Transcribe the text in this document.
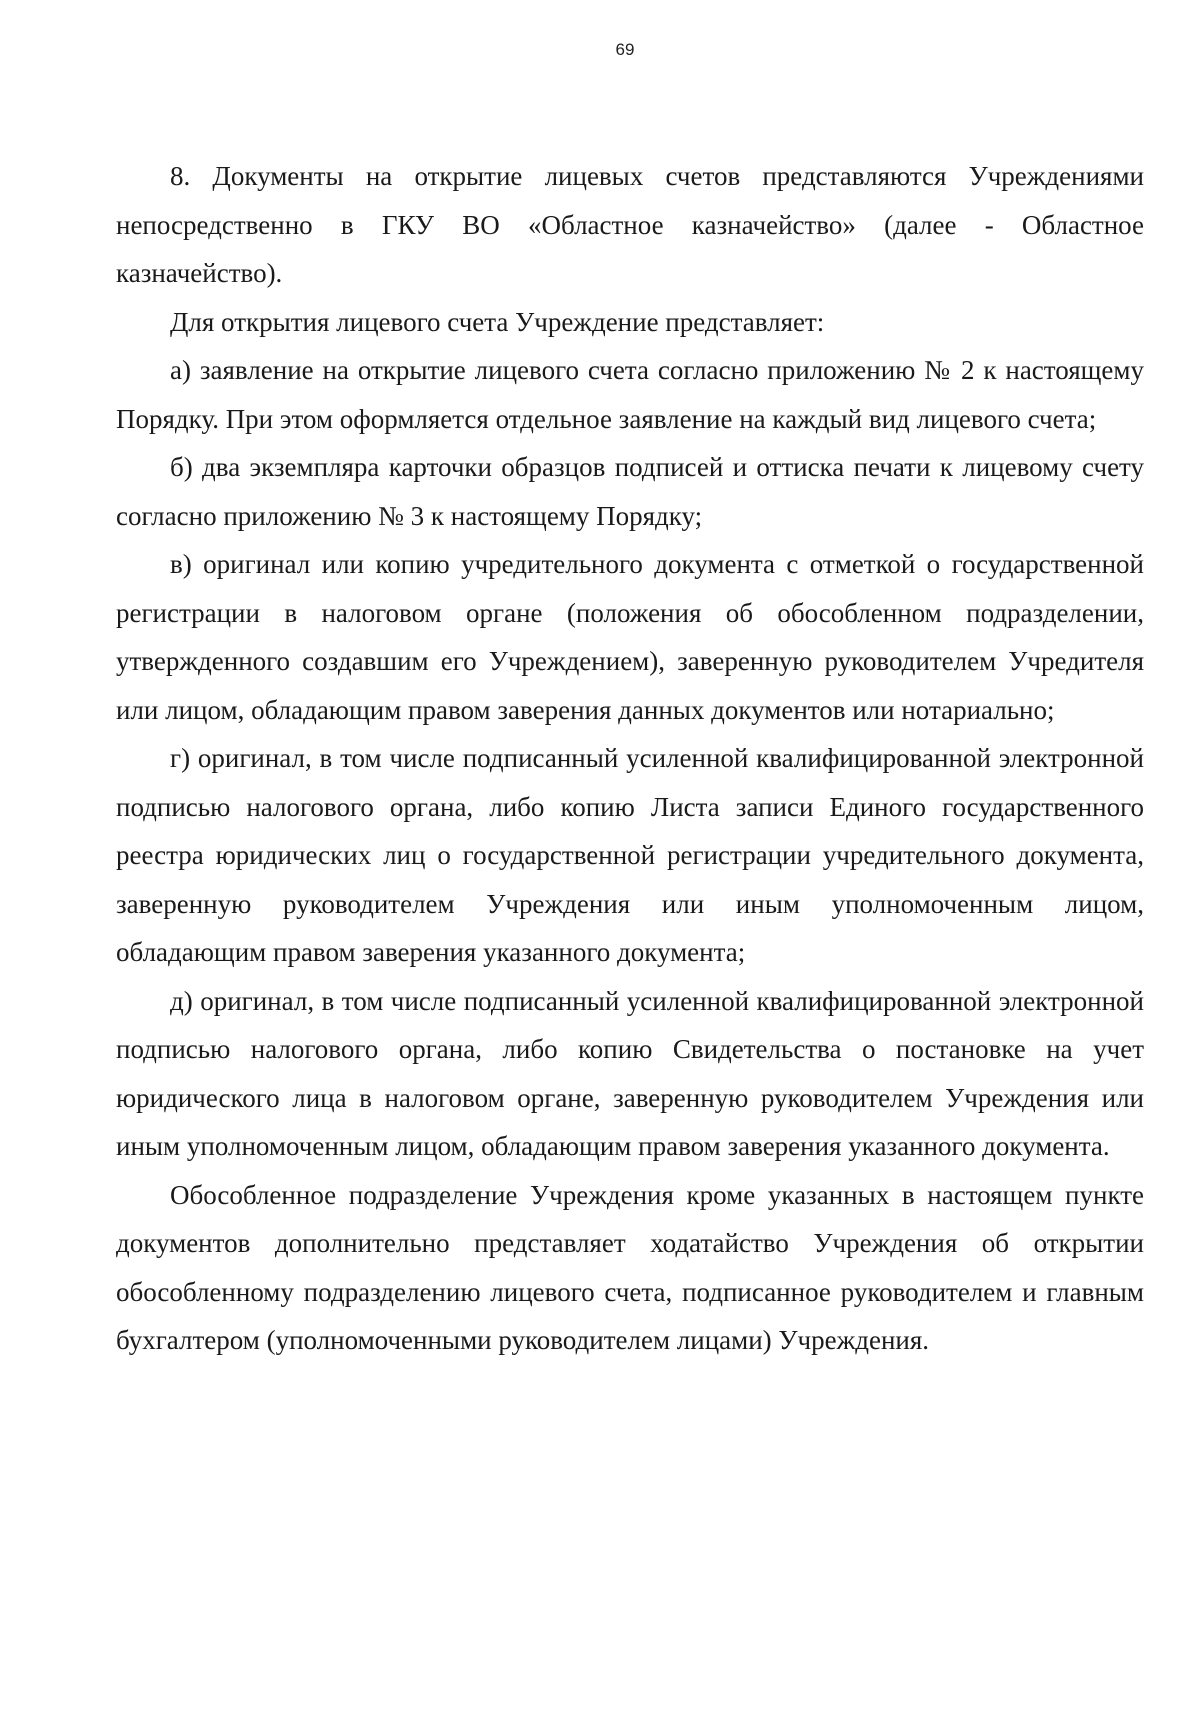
69

8. Документы на открытие лицевых счетов представляются Учреждениями непосредственно в ГКУ ВО «Областное казначейство» (далее - Областное казначейство).

Для открытия лицевого счета Учреждение представляет:

а) заявление на открытие лицевого счета согласно приложению № 2 к настоящему Порядку. При этом оформляется отдельное заявление на каждый вид лицевого счета;

б) два экземпляра карточки образцов подписей и оттиска печати к лицевому счету согласно приложению № 3 к настоящему Порядку;

в) оригинал или копию учредительного документа с отметкой о государственной регистрации в налоговом органе (положения об обособленном подразделении, утвержденного создавшим его Учреждением), заверенную руководителем Учредителя или лицом, обладающим правом заверения данных документов или нотариально;

г) оригинал, в том числе подписанный усиленной квалифицированной электронной подписью налогового органа, либо копию Листа записи Единого государственного реестра юридических лиц о государственной регистрации учредительного документа, заверенную руководителем Учреждения или иным уполномоченным лицом, обладающим правом заверения указанного документа;

д) оригинал, в том числе подписанный усиленной квалифицированной электронной подписью налогового органа, либо копию Свидетельства о постановке на учет юридического лица в налоговом органе, заверенную руководителем Учреждения или иным уполномоченным лицом, обладающим правом заверения указанного документа.

Обособленное подразделение Учреждения кроме указанных в настоящем пункте документов дополнительно представляет ходатайство Учреждения об открытии обособленному подразделению лицевого счета, подписанное руководителем и главным бухгалтером (уполномоченными руководителем лицами) Учреждения.
